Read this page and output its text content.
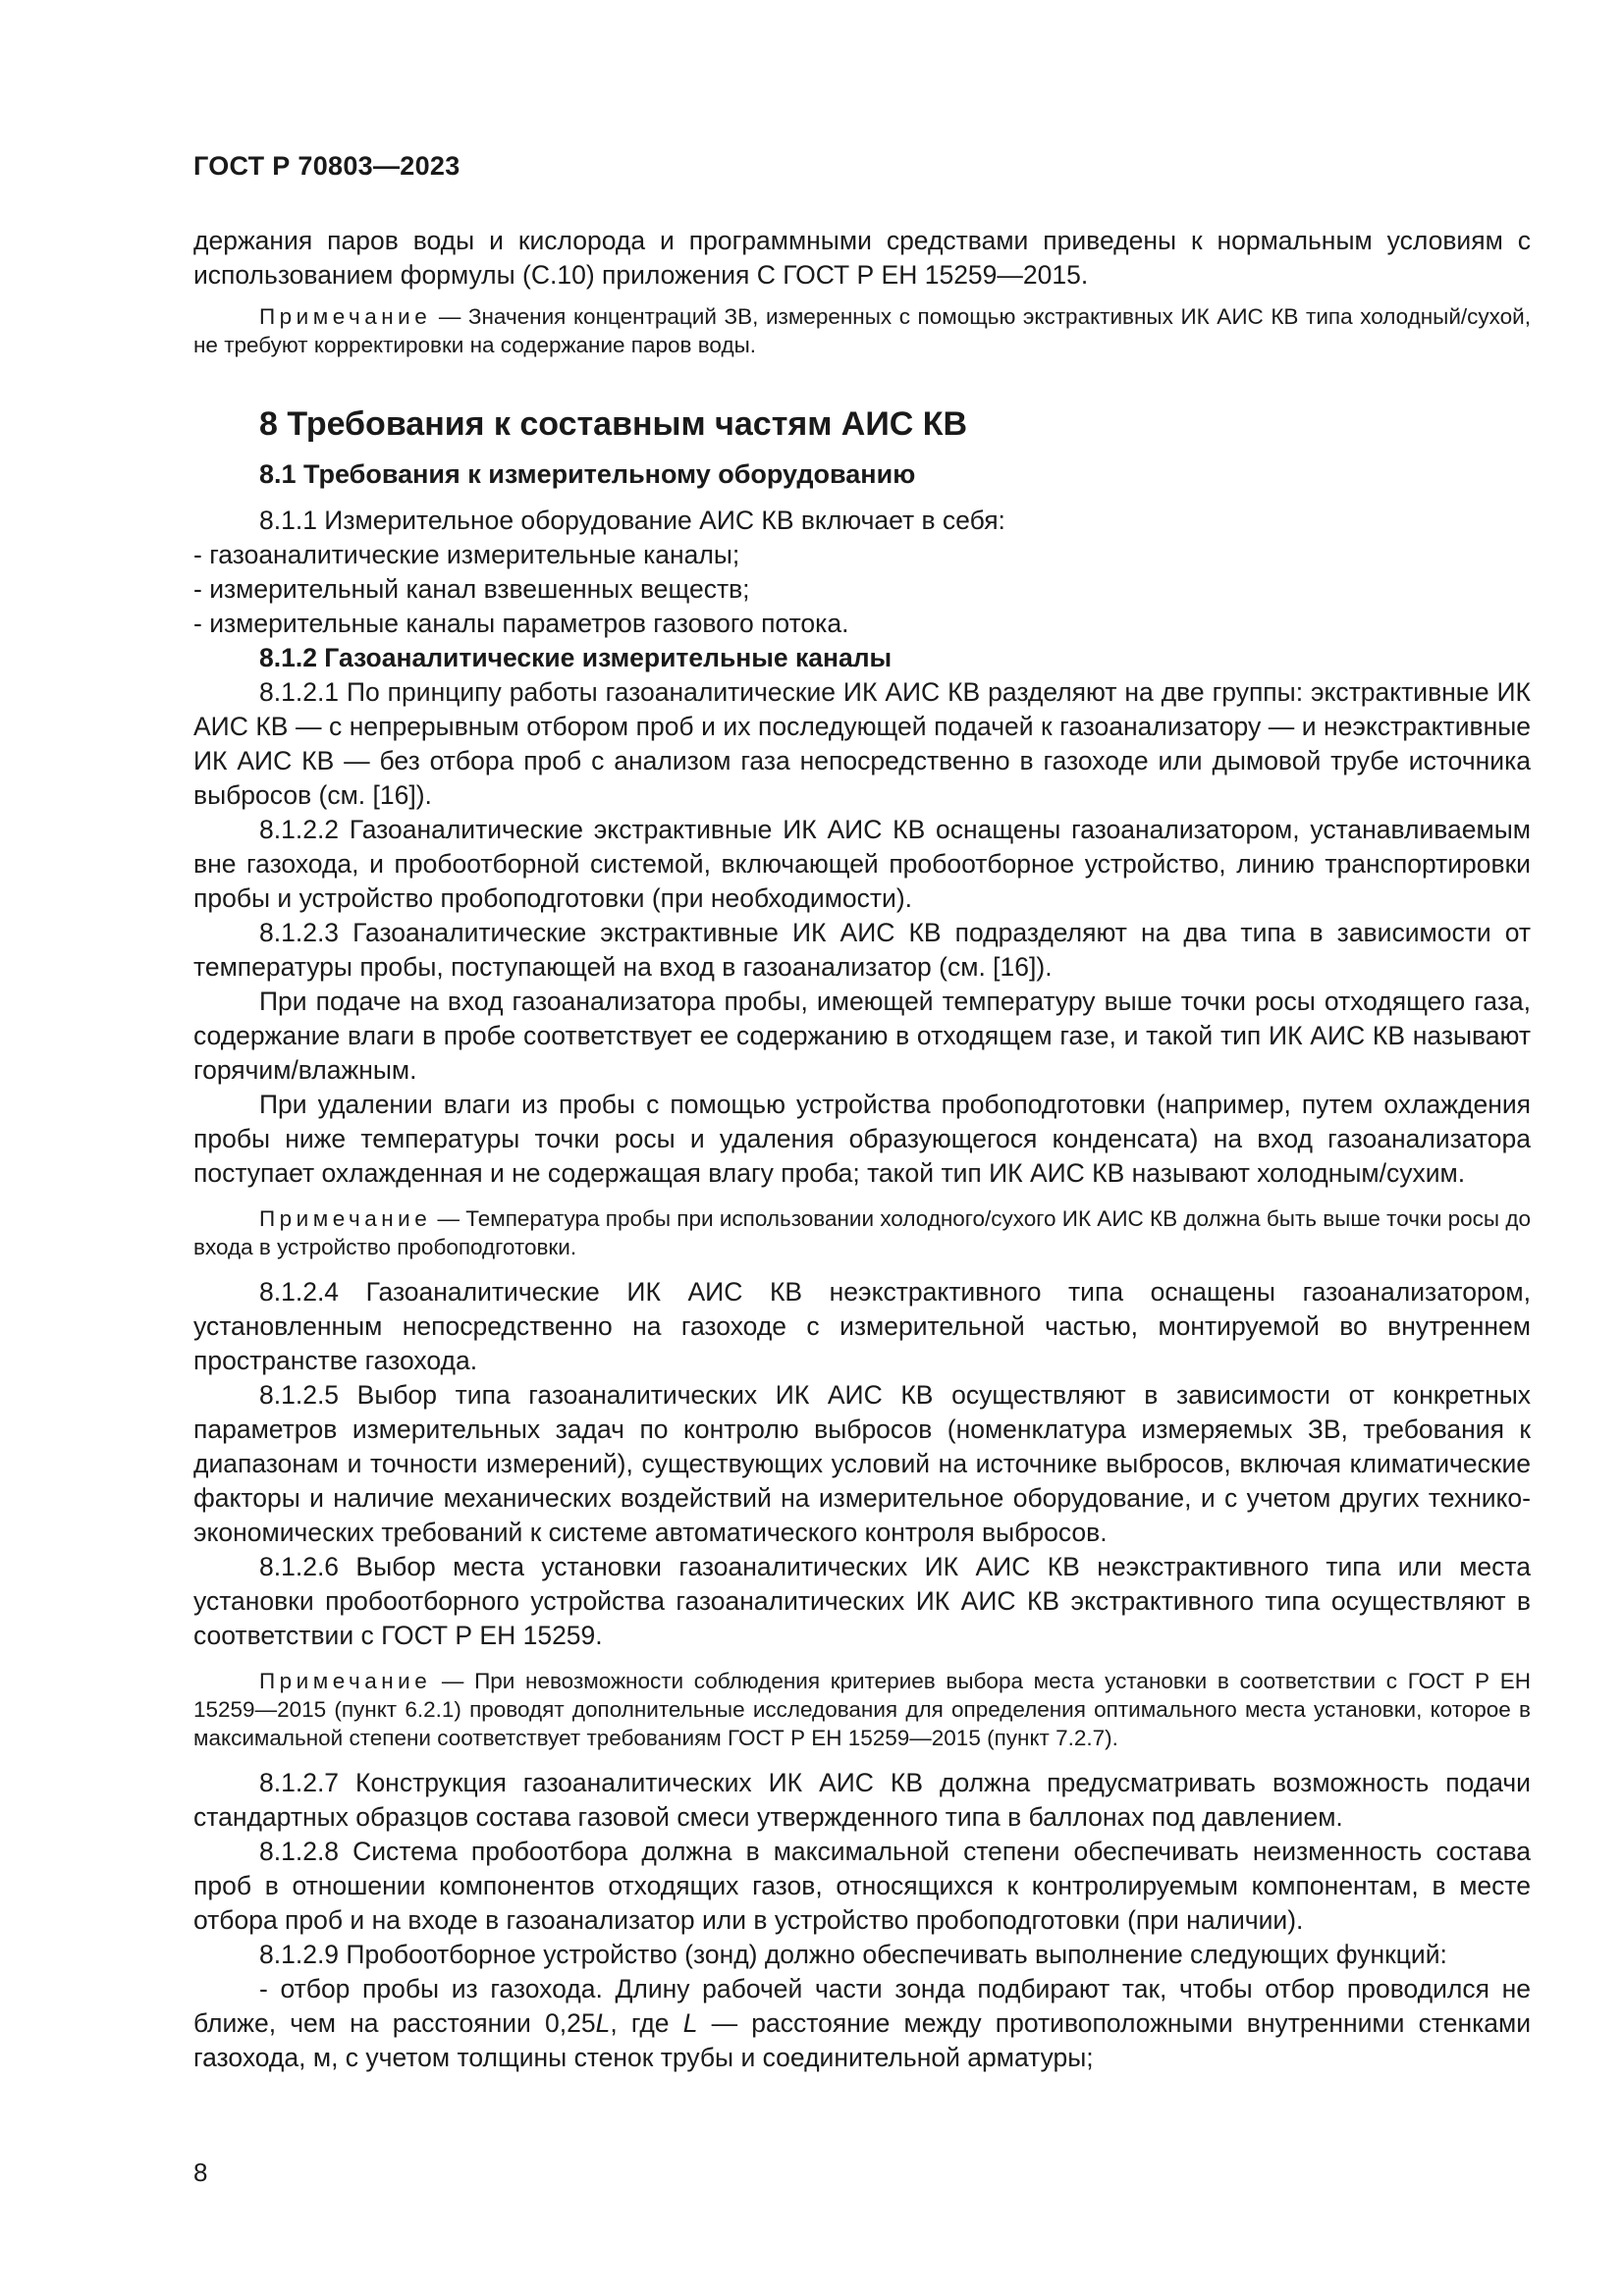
ГОСТ Р 70803—2023

держания паров воды и кислорода и программными средствами приведены к нормальным условиям с использованием формулы (С.10) приложения С ГОСТ Р ЕН 15259—2015.

Примечание — Значения концентраций ЗВ, измеренных с помощью экстрактивных ИК АИС КВ типа холодный/сухой, не требуют корректировки на содержание паров воды.

8 Требования к составным частям АИС КВ
8.1 Требования к измерительному оборудованию

8.1.1 Измерительное оборудование АИС КВ включает в себя:

- газоаналитические измерительные каналы;

- измерительный канал взвешенных веществ;

- измерительные каналы параметров газового потока.

8.1.2 Газоаналитические измерительные каналы

8.1.2.1 По принципу работы газоаналитические ИК АИС КВ разделяют на две группы: экстрактивные ИК АИС КВ — с непрерывным отбором проб и их последующей подачей к газоанализатору — и неэкстрактивные ИК АИС КВ — без отбора проб с анализом газа непосредственно в газоходе или дымовой трубе источника выбросов (см. [16]).

8.1.2.2 Газоаналитические экстрактивные ИК АИС КВ оснащены газоанализатором, устанавливаемым вне газохода, и пробоотборной системой, включающей пробоотборное устройство, линию транспортировки пробы и устройство пробоподготовки (при необходимости).

8.1.2.3 Газоаналитические экстрактивные ИК АИС КВ подразделяют на два типа в зависимости от температуры пробы, поступающей на вход в газоанализатор (см. [16]).

При подаче на вход газоанализатора пробы, имеющей температуру выше точки росы отходящего газа, содержание влаги в пробе соответствует ее содержанию в отходящем газе, и такой тип ИК АИС КВ называют горячим/влажным.

При удалении влаги из пробы с помощью устройства пробоподготовки (например, путем охлаждения пробы ниже температуры точки росы и удаления образующегося конденсата) на вход газоанализатора поступает охлажденная и не содержащая влагу проба; такой тип ИК АИС КВ называют холодным/сухим.

Примечание — Температура пробы при использовании холодного/сухого ИК АИС КВ должна быть выше точки росы до входа в устройство пробоподготовки.

8.1.2.4 Газоаналитические ИК АИС КВ неэкстрактивного типа оснащены газоанализатором, установленным непосредственно на газоходе с измерительной частью, монтируемой во внутреннем пространстве газохода.

8.1.2.5 Выбор типа газоаналитических ИК АИС КВ осуществляют в зависимости от конкретных параметров измерительных задач по контролю выбросов (номенклатура измеряемых ЗВ, требования к диапазонам и точности измерений), существующих условий на источнике выбросов, включая климатические факторы и наличие механических воздействий на измерительное оборудование, и с учетом других технико-экономических требований к системе автоматического контроля выбросов.

8.1.2.6 Выбор места установки газоаналитических ИК АИС КВ неэкстрактивного типа или места установки пробоотборного устройства газоаналитических ИК АИС КВ экстрактивного типа осуществляют в соответствии с ГОСТ Р ЕН 15259.

Примечание — При невозможности соблюдения критериев выбора места установки в соответствии с ГОСТ Р ЕН 15259—2015 (пункт 6.2.1) проводят дополнительные исследования для определения оптимального места установки, которое в максимальной степени соответствует требованиям ГОСТ Р ЕН 15259—2015 (пункт 7.2.7).

8.1.2.7 Конструкция газоаналитических ИК АИС КВ должна предусматривать возможность подачи стандартных образцов состава газовой смеси утвержденного типа в баллонах под давлением.

8.1.2.8 Система пробоотбора должна в максимальной степени обеспечивать неизменность состава проб в отношении компонентов отходящих газов, относящихся к контролируемым компонентам, в месте отбора проб и на входе в газоанализатор или в устройство пробоподготовки (при наличии).

8.1.2.9 Пробоотборное устройство (зонд) должно обеспечивать выполнение следующих функций:

- отбор пробы из газохода. Длину рабочей части зонда подбирают так, чтобы отбор проводился не ближе, чем на расстоянии 0,25L, где L — расстояние между противоположными внутренними стенками газохода, м, с учетом толщины стенок трубы и соединительной арматуры;

8
